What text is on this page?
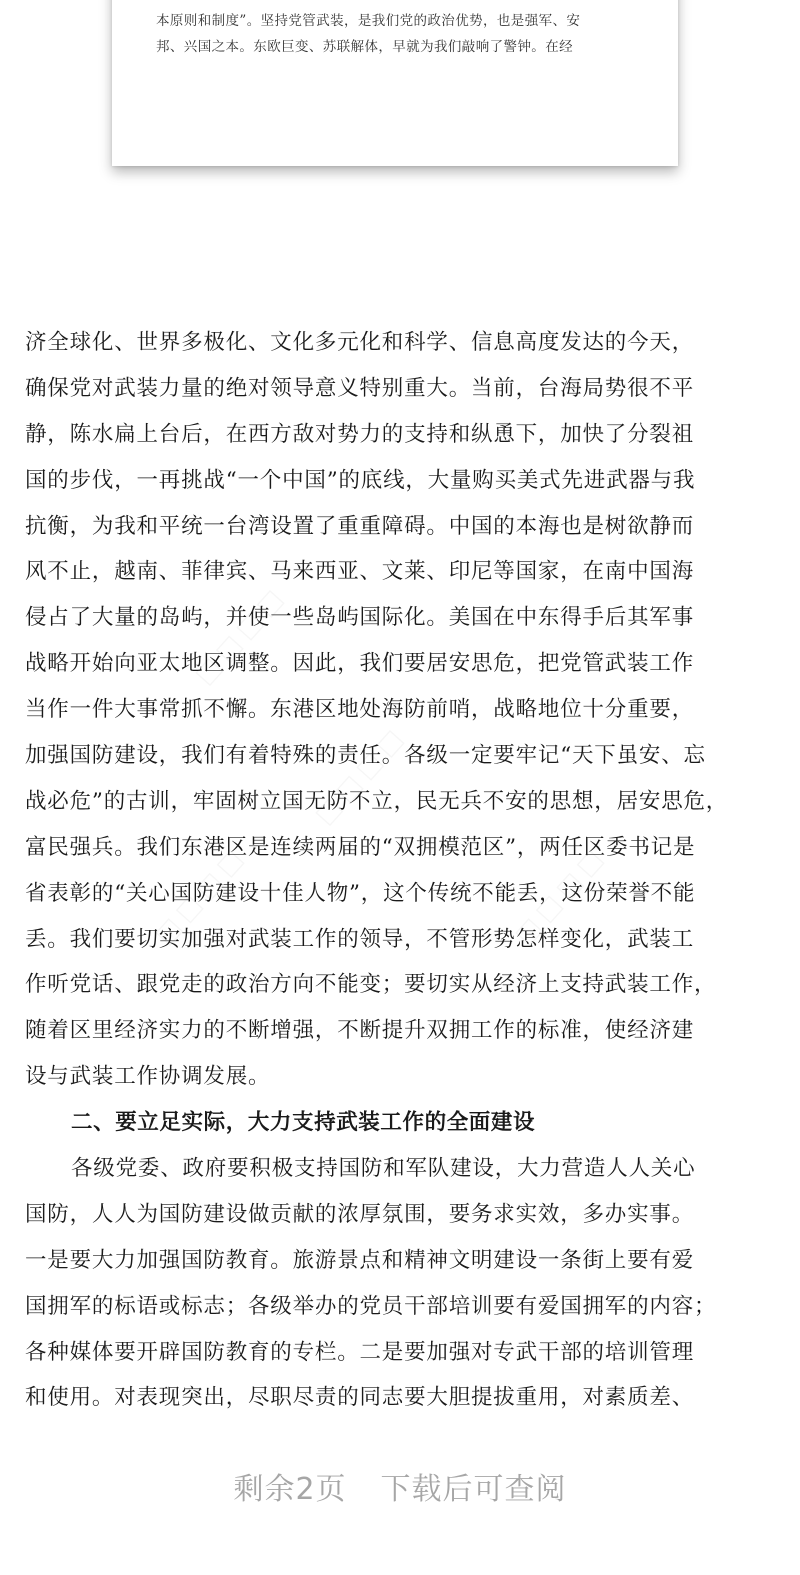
本原则和制度”。坚持党管武装，是我们党的政治优势，也是强军、安
邦、兴国之本。东欧巨变、苏联解体，早就为我们敲响了警钟。在经
济全球化、世界多极化、文化多元化和科学、信息高度发达的今天，
确保党对武装力量的绝对领导意义特别重大。当前，台海局势很不平
静，陈水扁上台后，在西方敌对势力的支持和纵恿下，加快了分裂祖
国的步伐，一再挑战“一个中国”的底线，大量购买美式先进武器与我
抗衡，为我和平统一台湾设置了重重障碍。中国的本海也是树欲静而
风不止，越南、菲律宾、马来西亚、文莱、印尼等国家，在南中国海
侵占了大量的岛屿，并使一些岛屿国际化。美国在中东得手后其军事
战略开始向亚太地区调整。因此，我们要居安思危，把党管武装工作
当作一件大事常抓不懈。东港区地处海防前哨，战略地位十分重要，
加强国防建设，我们有着特殊的责任。各级一定要牢记“天下虽安、忘
战必危”的古训，牢固树立国无防不立，民无兵不安的思想，居安思危，
富民强兵。我们东港区是连续两届的“双拥模范区”，两任区委书记是
省表彰的“关心国防建设十佳人物”，这个传统不能丢，这份荣誉不能
丢。我们要切实加强对武装工作的领导，不管形势怎样变化，武装工
作听党话、跟党走的政治方向不能变；要切实从经济上支持武装工作，
随着区里经济实力的不断增强，不断提升双拥工作的标准，使经济建
设与武装工作协调发展。
二、要立足实际，大力支持武装工作的全面建设
各级党委、政府要积极支持国防和军队建设，大力营造人人关心
国防，人人为国防建设做贡献的浓厚氛围，要务求实效，多办实事。
一是要大力加强国防教育。旅游景点和精神文明建设一条街上要有爱
国拥军的标语或标志；各级举办的党员干部培训要有爱国拥军的内容；
各种媒体要开辟国防教育的专栏。二是要加强对专武干部的培训管理
和使用。对表现突出，尽职尽责的同志要大胆提拔重用，对素质差、
剩余2页 下载后可查阅
